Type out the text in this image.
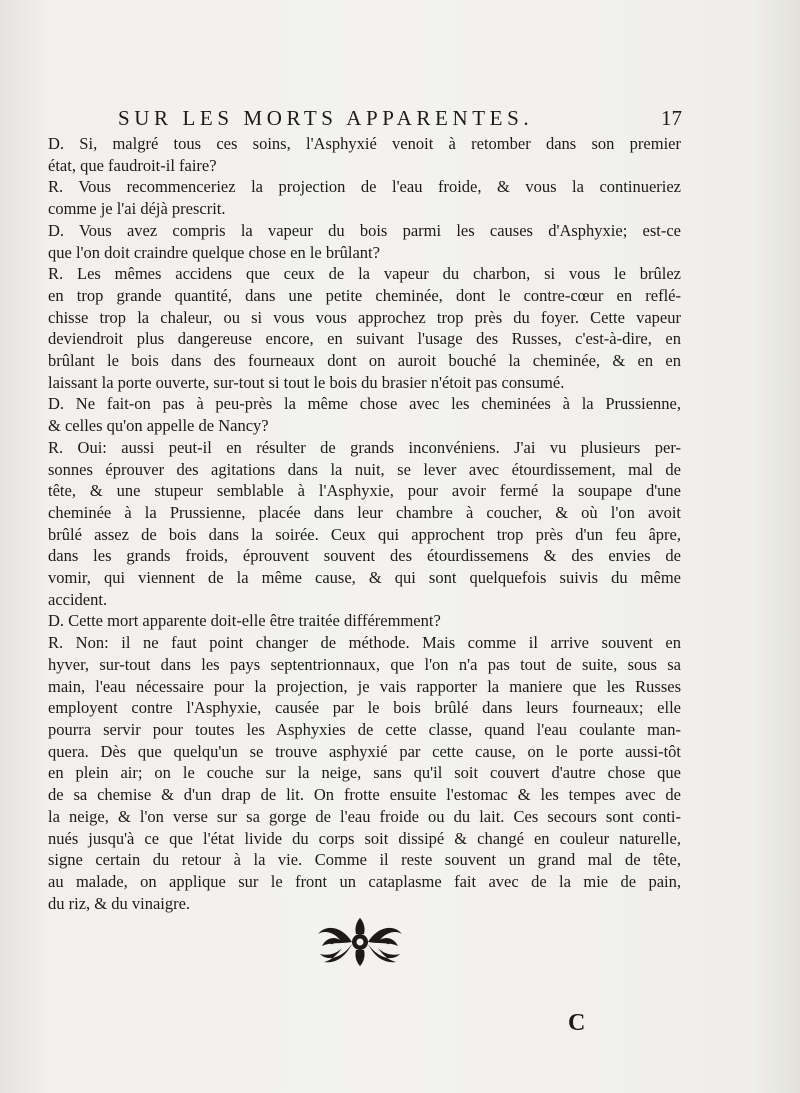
SUR LES MORTS APPARENTES.	17
D. Si, malgré tous ces soins, l'Asphyxié venoit à retomber dans son premier
état, que faudroit-il faire?
R. Vous recommenceriez la projection de l'eau froide, & vous la continueriez
comme je l'ai déjà prescrit.
D. Vous avez compris la vapeur du bois parmi les causes d'Asphyxie; est-ce
que l'on doit craindre quelque chose en le brûlant?
R. Les mêmes accidens que ceux de la vapeur du charbon, si vous le brûlez
en trop grande quantité, dans une petite cheminée, dont le contre-cœur en reflé-
chisse trop la chaleur, ou si vous vous approchez trop près du foyer. Cette vapeur
deviendroit plus dangereuse encore, en suivant l'usage des Russes, c'est-à-dire, en
brûlant le bois dans des fourneaux dont on auroit bouché la cheminée, & en en
laissant la porte ouverte, sur-tout si tout le bois du brasier n'étoit pas consumé.
D. Ne fait-on pas à peu-près la même chose avec les cheminées à la Prussienne,
& celles qu'on appelle de Nancy?
R. Oui: aussi peut-il en résulter de grands inconvéniens. J'ai vu plusieurs per-
sonnes éprouver des agitations dans la nuit, se lever avec étourdissement, mal de
tête, & une stupeur semblable à l'Asphyxie, pour avoir fermé la soupape d'une
cheminée à la Prussienne, placée dans leur chambre à coucher, & où l'on avoit
brûlé assez de bois dans la soirée. Ceux qui approchent trop près d'un feu âpre,
dans les grands froids, éprouvent souvent des étourdissemens & des envies de
vomir, qui viennent de la même cause, & qui sont quelquefois suivis du même
accident.
D. Cette mort apparente doit-elle être traitée différemment?
R. Non: il ne faut point changer de méthode. Mais comme il arrive souvent en
hyver, sur-tout dans les pays septentrionnaux, que l'on n'a pas tout de suite, sous sa
main, l'eau nécessaire pour la projection, je vais rapporter la maniere que les Russes
employent contre l'Asphyxie, causée par le bois brûlé dans leurs fourneaux; elle
pourra servir pour toutes les Asphyxies de cette classe, quand l'eau coulante man-
quera. Dès que quelqu'un se trouve asphyxié par cette cause, on le porte aussi-tôt
en plein air; on le couche sur la neige, sans qu'il soit couvert d'autre chose que
de sa chemise & d'un drap de lit. On frotte ensuite l'estomac & les tempes avec de
la neige, & l'on verse sur sa gorge de l'eau froide ou du lait. Ces secours sont conti-
nués jusqu'à ce que l'état livide du corps soit dissipé & changé en couleur naturelle,
signe certain du retour à la vie. Comme il reste souvent un grand mal de tête,
au malade, on applique sur le front un cataplasme fait avec de la mie de pain,
du riz, & du vinaigre.
C
